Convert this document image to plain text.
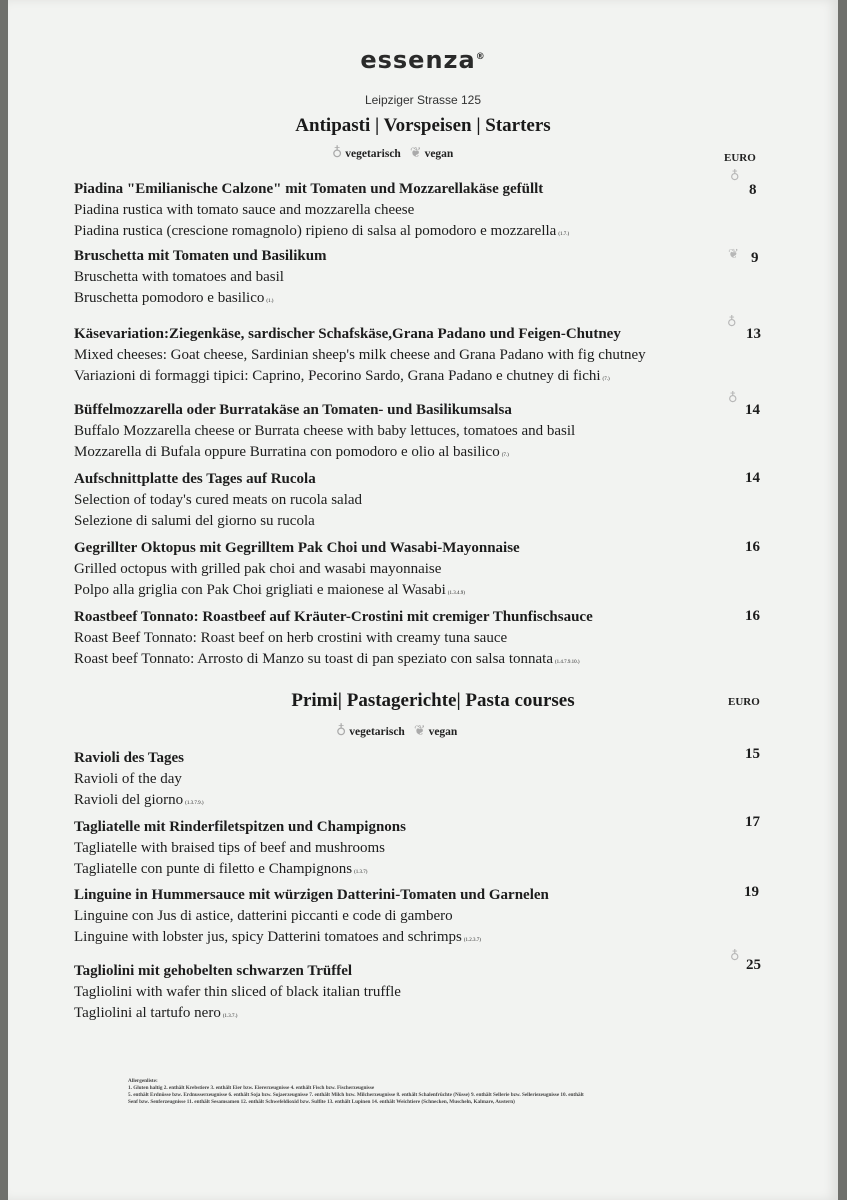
essenza®
Leipziger Strasse 125
Antipasti | Vorspeisen | Starters
♁ vegetarisch ❦ vegan	EURO
Piadina "Emilianische Calzone" mit Tomaten und Mozzarellakäse gefüllt
Piadina rustica with tomato sauce and mozzarella cheese
Piadina rustica (crescione romagnolo) ripieno di salsa al pomodoro e mozzarella (1.7.)
♁
8
Bruschetta mit Tomaten und Basilikum
Bruschetta with tomatoes and basil
Bruschetta pomodoro e basilico (1.)
❦ 9
Käsevariation:Ziegenkäse, sardischer Schafskäse,Grana Padano und Feigen-Chutney
Mixed cheeses: Goat cheese, Sardinian sheep's milk cheese and Grana Padano with fig chutney
Variazioni di formaggi tipici: Caprino, Pecorino Sardo, Grana Padano e chutney di fichi (7.)
♁
13
Büffelmozzarella oder Burratakäse an Tomaten- und Basilikumsalsa
Buffalo Mozzarella cheese or Burrata cheese with baby lettuces, tomatoes and basil
Mozzarella di Bufala oppure Burratina con pomodoro e olio al basilico (7.)
♁
14
Aufschnittplatte des Tages auf Rucola
Selection of today's cured meats on rucola salad
Selezione di salumi del giorno su rucola
14
Gegrillter Oktopus mit Gegrilltem Pak Choi und Wasabi-Mayonnaise
Grilled octopus with grilled pak choi and wasabi mayonnaise
Polpo alla griglia con Pak Choi grigliati e maionese al Wasabi (1.3.4.9)
16
Roastbeef Tonnato: Roastbeef auf Kräuter-Crostini mit cremiger Thunfischsauce
Roast Beef Tonnato: Roast beef on herb crostini with creamy tuna sauce
Roast beef Tonnato: Arrosto di Manzo su toast di pan speziato con salsa tonnata (1.4.7.9.10.)
16
Primi| Pastagerichte| Pasta courses	EURO
♁ vegetarisch ❦ vegan
Ravioli des Tages
Ravioli of the day
Ravioli del giorno (1.3.7.9.)
15
Tagliatelle mit Rinderfiletspitzen und Champignons
Tagliatelle with braised tips of beef and mushrooms
Tagliatelle con punte di filetto e Champignons (1.3.7)
17
Linguine in Hummersauce mit würzigen Datterini-Tomaten und Garnelen
Linguine con Jus di astice, datterini piccanti e code di gambero
Linguine with lobster jus, spicy Datterini tomatoes and schrimps (1.2.3.7)
19
Tagliolini mit gehobelten schwarzen Trüffel
Tagliolini with wafer thin sliced of black italian truffle
Tagliolini al tartufo nero (1.3.7.)
♁
25
Allergenliste:
1. Gluten haltig 2. enthält Krebstiere 3. enthält Eier bzw. Eiererzeugnisse 4. enthält Fisch bzw. Fischerzeugnisse
5. enthält Erdnüsse bzw. Erdnusserzeugnisse 6. enthält Soja bzw. Sojaerzeugnisse 7. enthält Milch bzw. Milcherzeugnisse 8. enthält Schalenfrüchte (Nüsse) 9. enthält Sellerie bzw. Selleriezeugnisse 10. enthält
Senf bzw. Senferzeugnisse 11. enthält Sesamsamen 12. enthält Schwefeldioxid bzw. Sulfite 13. enthält Lupinen 14. enthält Weichtiere (Schnecken, Muscheln, Kalmare, Austern)
